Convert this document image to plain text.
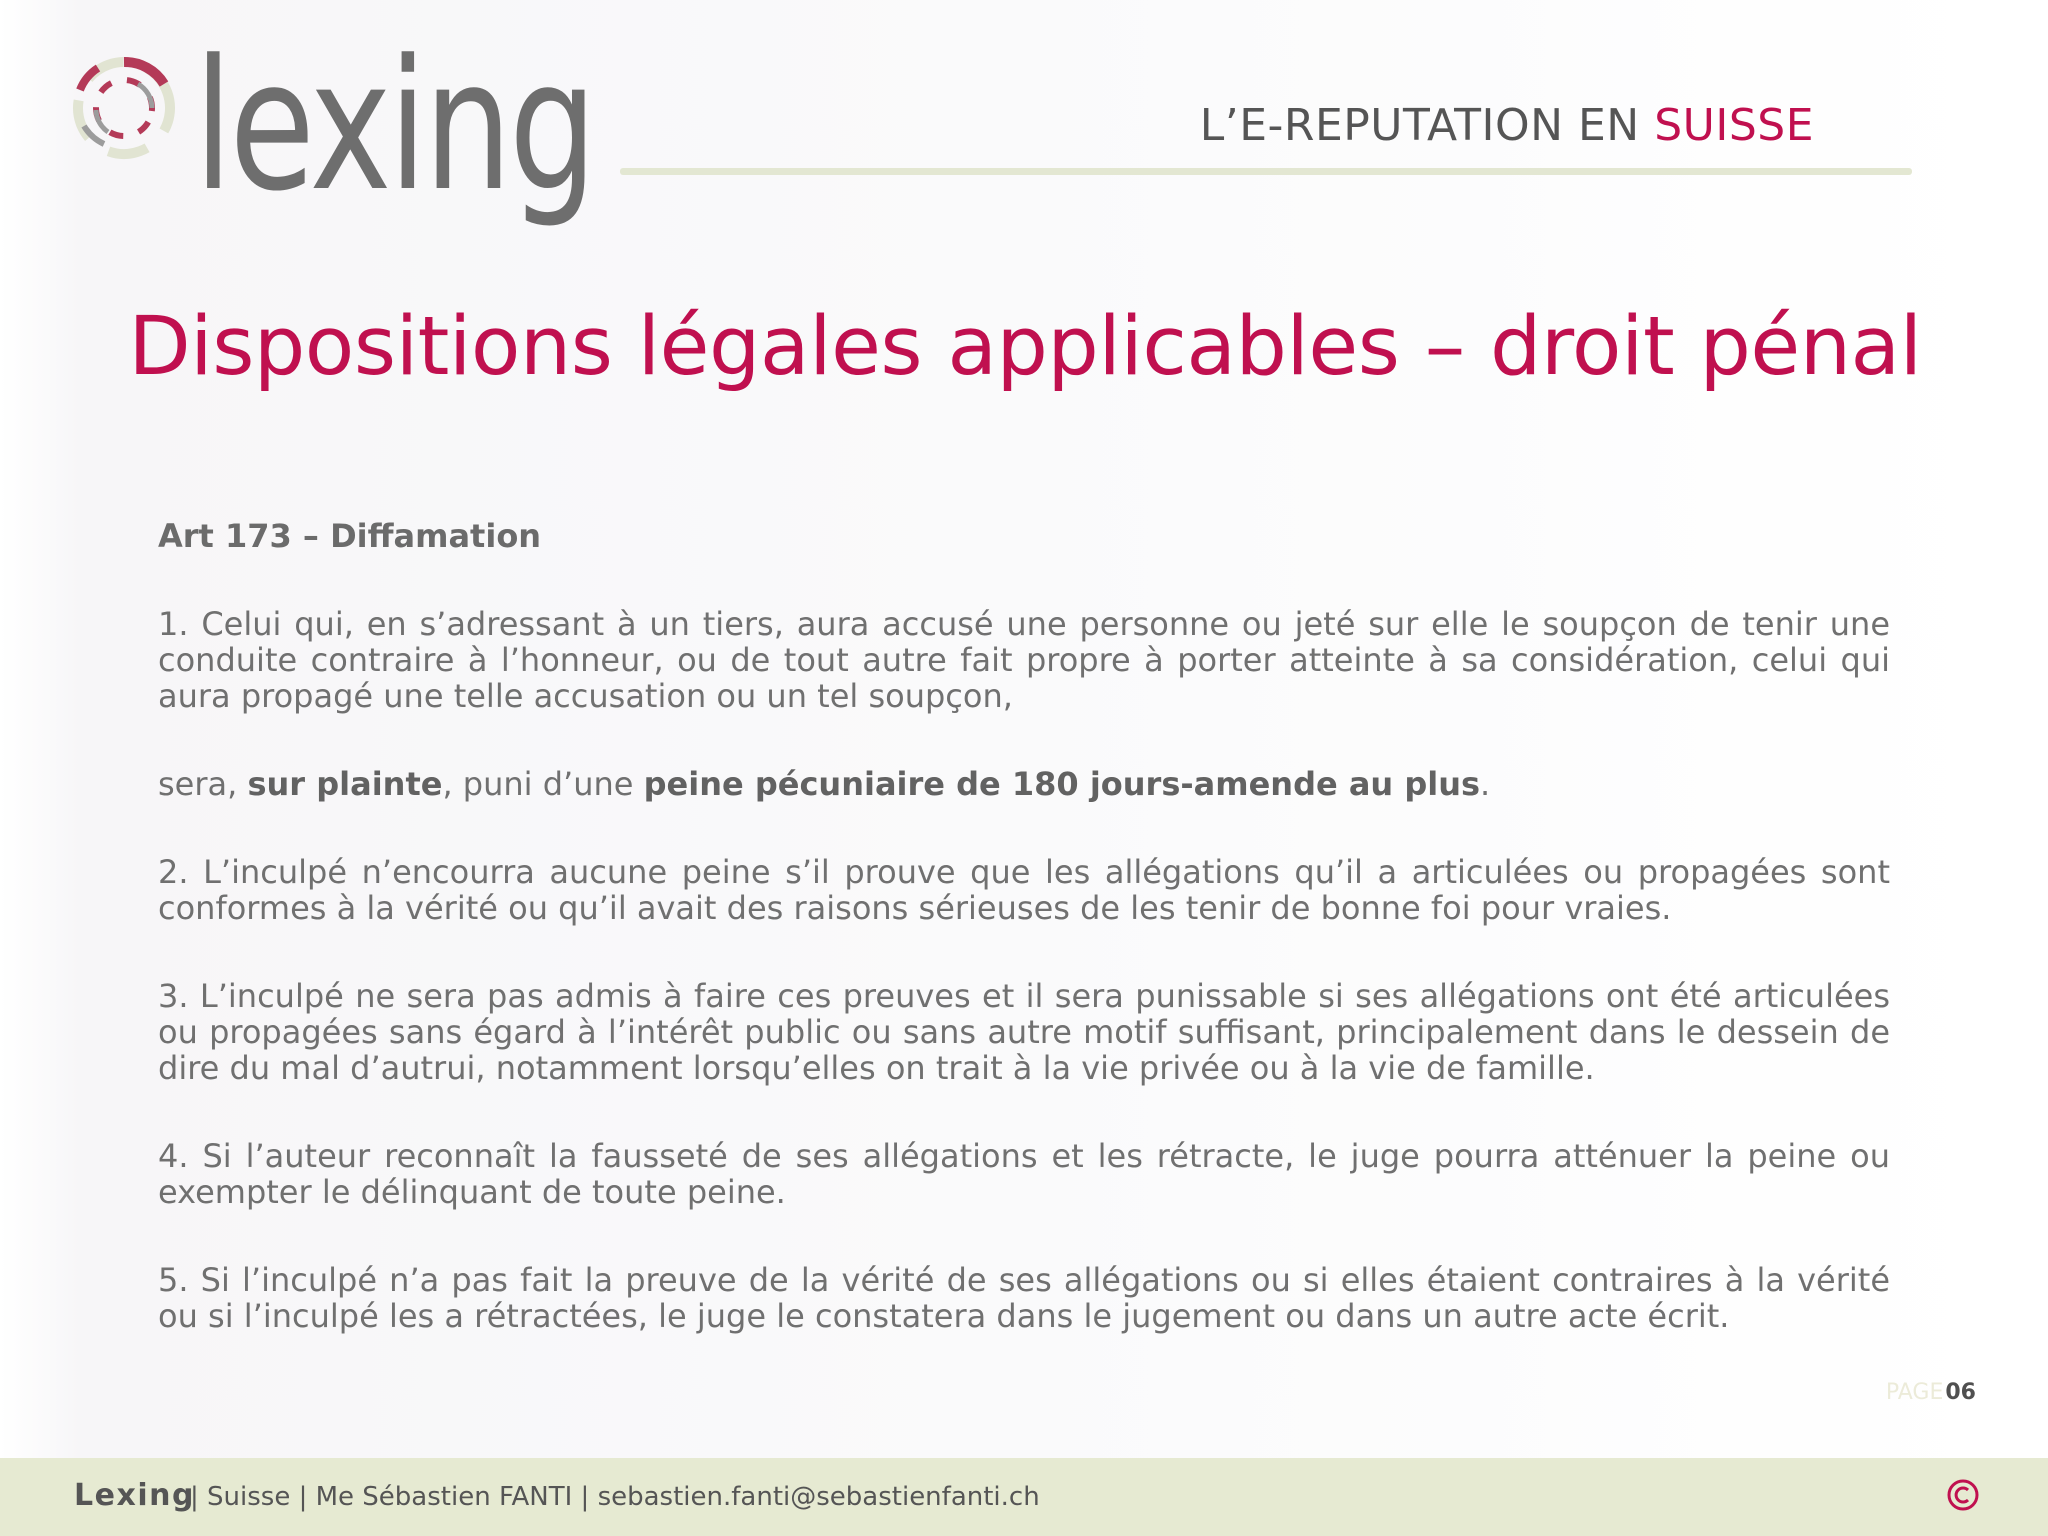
lexing	L’E-REPUTATION EN SUISSE
Dispositions légales applicables – droit pénal

Art 173 – Diffamation

1. Celui qui, en s’adressant à un tiers, aura accusé une personne ou jeté sur elle le soupçon de tenir une conduite contraire à l’honneur, ou de tout autre fait propre à porter atteinte à sa considération, celui qui aura propagé une telle accusation ou un tel soupçon,

sera, sur plainte, puni d’une peine pécuniaire de 180 jours-amende au plus.

2. L’inculpé n’encourra aucune peine s’il prouve que les allégations qu’il a articulées ou propagées sont conformes à la vérité ou qu’il avait des raisons sérieuses de les tenir de bonne foi pour vraies.

3. L’inculpé ne sera pas admis à faire ces preuves et il sera punissable si ses allégations ont été articulées ou propagées sans égard à l’intérêt public ou sans autre motif suffisant, principalement dans le dessein de dire du mal d’autrui, notamment lorsqu’elles on trait à la vie privée ou à la vie de famille.

4. Si l’auteur reconnaît la fausseté de ses allégations et les rétracte, le juge pourra atténuer la peine ou exempter le délinquant de toute peine.

5. Si l’inculpé n’a pas fait la preuve de la vérité de ses allégations ou si elles étaient contraires à la vérité ou si l’inculpé les a rétractées, le juge le constatera dans le jugement ou dans un autre acte écrit.

PAGE06
Lexing
| Suisse | Me Sébastien FANTI | sebastien.fanti@sebastienfanti.ch
